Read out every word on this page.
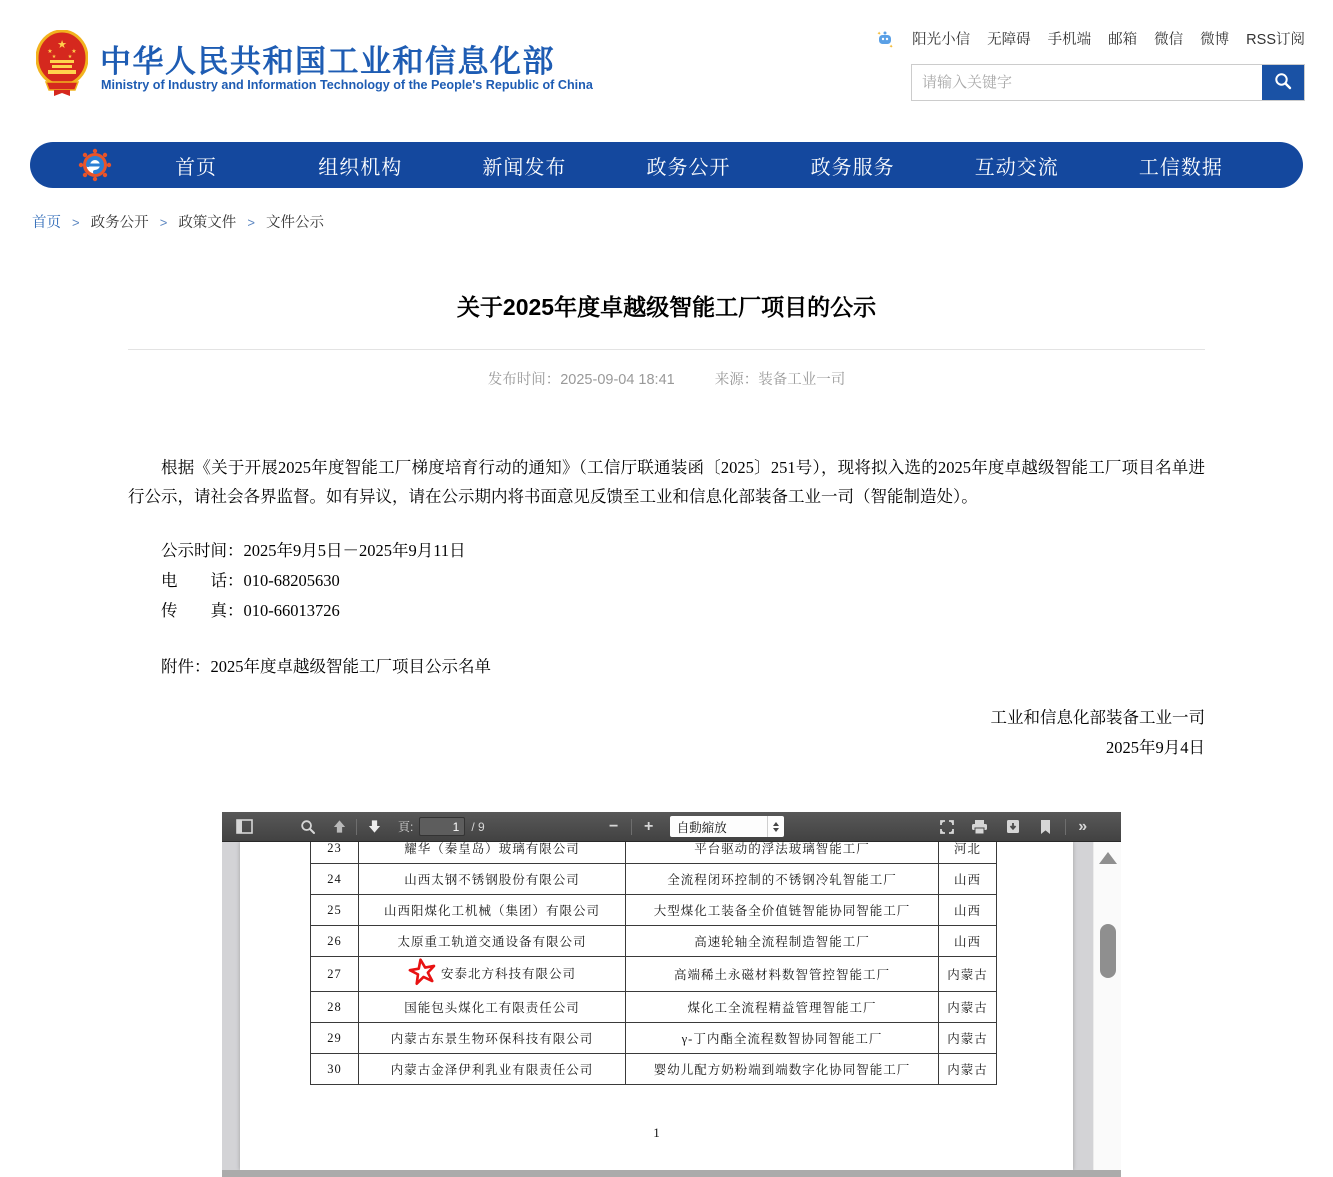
★
★	★
★ ★ 中华人民共和国工业和信息化部
Ministry of Industry and Information Technology of the People's Republic of China
✦
✦ 阳光小信 无障碍 手机端 邮箱 微信 微博 RSS订阅
请输入关键字
首页	组织机构	新闻发布	政务公开	政务服务	互动交流	工信数据
首页 > 政务公开 > 政策文件 > 文件公示
关于2025年度卓越级智能工厂项目的公示
发布时间：2025-09-04 18:41	来源：装备工业一司

根据《关于开展2025年度智能工厂梯度培育行动的通知》（工信厅联通装函〔2025〕251号），现将拟入选的2025年度卓越级智能工厂项目名单进行公示，请社会各界监督。如有异议，请在公示期内将书面意见反馈至工业和信息化部装备工业一司（智能制造处）。

公示时间：2025年9月5日－2025年9月11日
电　　话：010-68205630
传　　真：010-66013726
附件：2025年度卓越级智能工厂项目公示名单
工业和信息化部装备工业一司
2025年9月4日
頁:
1	/ 9	−	+	自動縮放	»
23	耀华（秦皇岛）玻璃有限公司	平台驱动的浮法玻璃智能工厂	河北
24	山西太钢不锈钢股份有限公司	全流程闭环控制的不锈钢冷轧智能工厂	山西
25	山西阳煤化工机械（集团）有限公司	大型煤化工装备全价值链智能协同智能工厂	山西
26	太原重工轨道交通设备有限公司	高速轮轴全流程制造智能工厂	山西
27	安泰北方科技有限公司	高端稀土永磁材料数智管控智能工厂	内蒙古
28	国能包头煤化工有限责任公司	煤化工全流程精益管理智能工厂	内蒙古
29	内蒙古东景生物环保科技有限公司	γ-丁内酯全流程数智协同智能工厂	内蒙古
30	内蒙古金泽伊利乳业有限责任公司	婴幼儿配方奶粉端到端数字化协同智能工厂	内蒙古
1
